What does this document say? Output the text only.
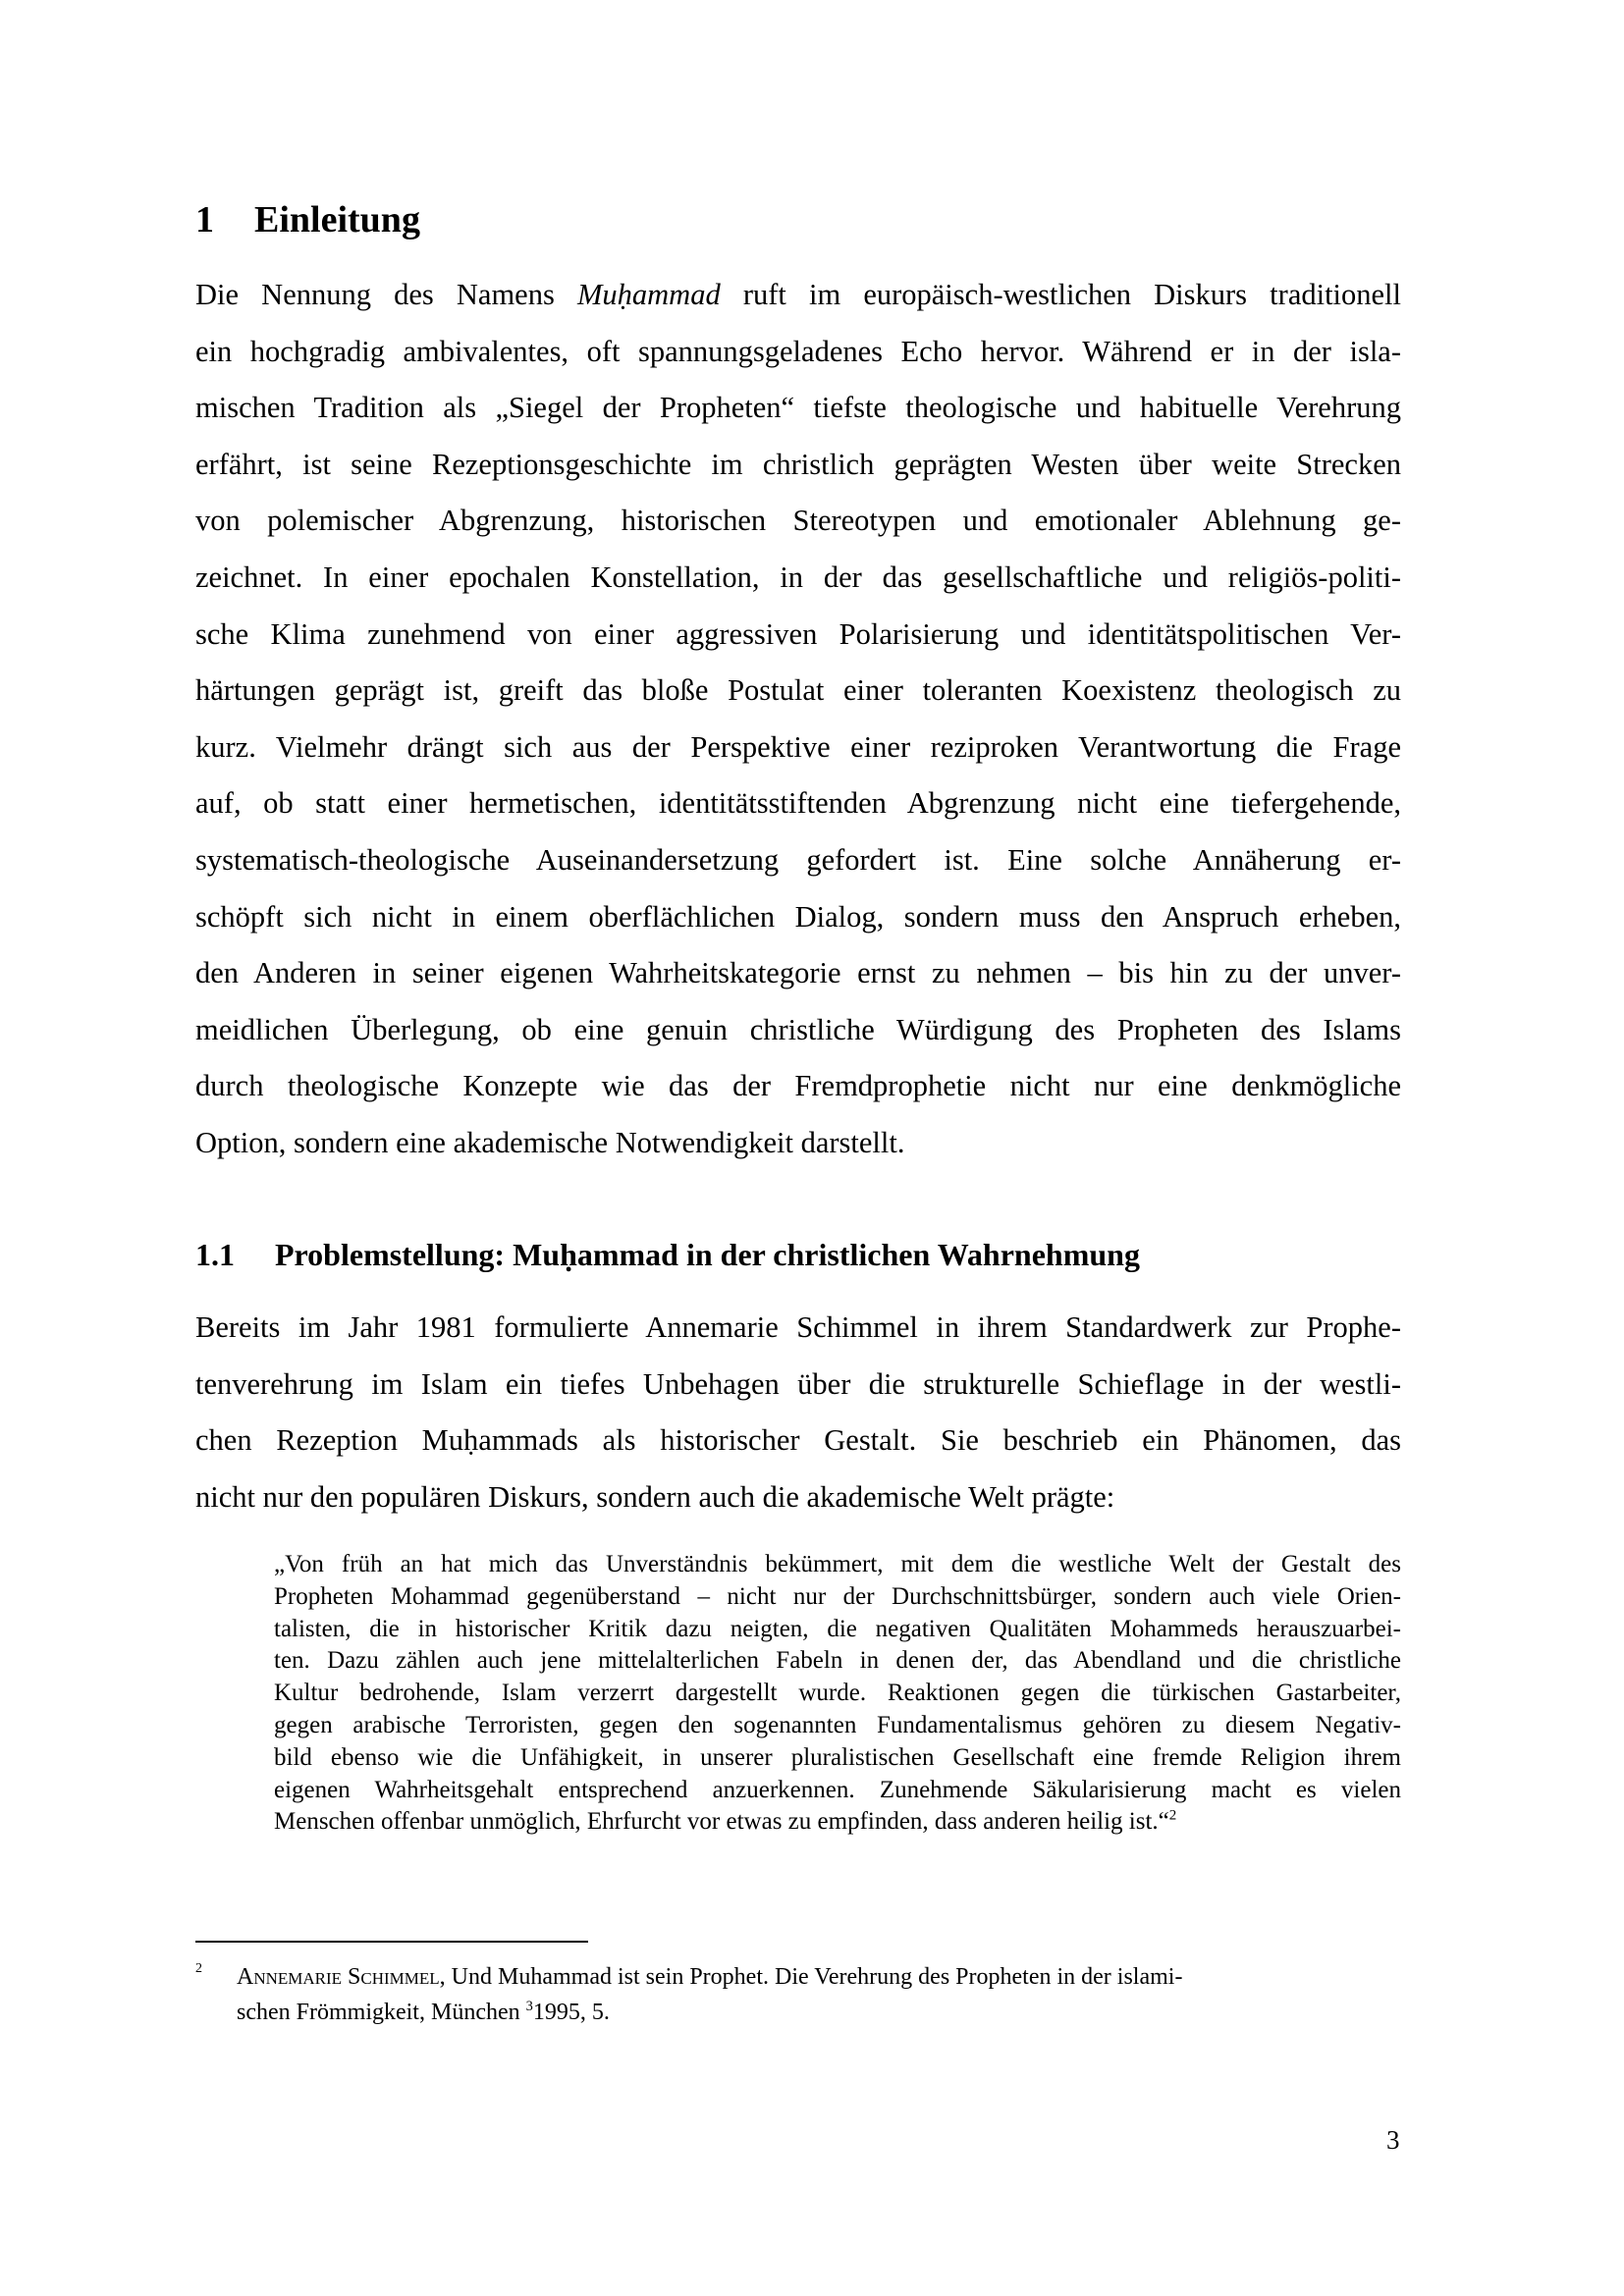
1 Einleitung
Die Nennung des Namens Muḥammad ruft im europäisch-westlichen Diskurs traditionell
ein hochgradig ambivalentes, oft spannungsgeladenes Echo hervor. Während er in der isla-
mischen Tradition als „Siegel der Propheten“ tiefste theologische und habituelle Verehrung
erfährt, ist seine Rezeptionsgeschichte im christlich geprägten Westen über weite Strecken
von polemischer Abgrenzung, historischen Stereotypen und emotionaler Ablehnung ge-
zeichnet. In einer epochalen Konstellation, in der das gesellschaftliche und religiös-politi-
sche Klima zunehmend von einer aggressiven Polarisierung und identitätspolitischen Ver-
härtungen geprägt ist, greift das bloße Postulat einer toleranten Koexistenz theologisch zu
kurz. Vielmehr drängt sich aus der Perspektive einer reziproken Verantwortung die Frage
auf, ob statt einer hermetischen, identitätsstiftenden Abgrenzung nicht eine tiefergehende,
systematisch-theologische Auseinandersetzung gefordert ist. Eine solche Annäherung er-
schöpft sich nicht in einem oberflächlichen Dialog, sondern muss den Anspruch erheben,
den Anderen in seiner eigenen Wahrheitskategorie ernst zu nehmen – bis hin zu der unver-
meidlichen Überlegung, ob eine genuin christliche Würdigung des Propheten des Islams
durch theologische Konzepte wie das der Fremdprophetie nicht nur eine denkmögliche
Option, sondern eine akademische Notwendigkeit darstellt.
1.1 Problemstellung: Muḥammad in der christlichen Wahrnehmung
Bereits im Jahr 1981 formulierte Annemarie Schimmel in ihrem Standardwerk zur Prophe-
tenverehrung im Islam ein tiefes Unbehagen über die strukturelle Schieflage in der westli-
chen Rezeption Muḥammads als historischer Gestalt. Sie beschrieb ein Phänomen, das
nicht nur den populären Diskurs, sondern auch die akademische Welt prägte:
„Von früh an hat mich das Unverständnis bekümmert, mit dem die westliche Welt der Gestalt des
Propheten Mohammad gegenüberstand – nicht nur der Durchschnittsbürger, sondern auch viele Orien-
talisten, die in historischer Kritik dazu neigten, die negativen Qualitäten Mohammeds herauszuarbei-
ten. Dazu zählen auch jene mittelalterlichen Fabeln in denen der, das Abendland und die christliche
Kultur bedrohende, Islam verzerrt dargestellt wurde. Reaktionen gegen die türkischen Gastarbeiter,
gegen arabische Terroristen, gegen den sogenannten Fundamentalismus gehören zu diesem Negativ-
bild ebenso wie die Unfähigkeit, in unserer pluralistischen Gesellschaft eine fremde Religion ihrem
eigenen Wahrheitsgehalt entsprechend anzuerkennen. Zunehmende Säkularisierung macht es vielen
Menschen offenbar unmöglich, Ehrfurcht vor etwas zu empfinden, dass anderen heilig ist.“$^2$
2 Annemarie Schimmel, Und Muhammad ist sein Prophet. Die Verehrung des Propheten in der islami-
schen Frömmigkeit, München $^3$1995, 5.
3
